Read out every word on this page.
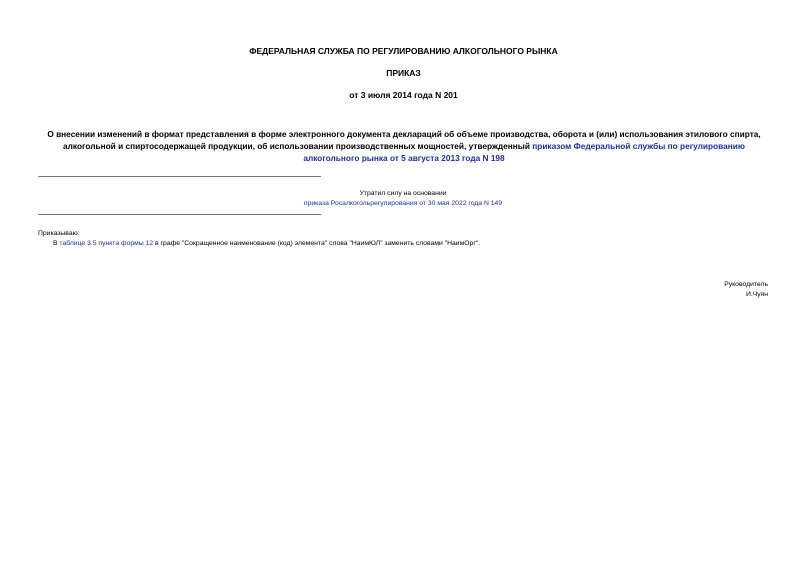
ФЕДЕРАЛЬНАЯ СЛУЖБА ПО РЕГУЛИРОВАНИЮ АЛКОГОЛЬНОГО РЫНКА
ПРИКАЗ
от 3 июля 2014 года N 201
О внесении изменений в формат представления в форме электронного документа деклараций об объеме производства, оборота и (или) использования этилового спирта, алкогольной и спиртосодержащей продукции, об использовании производственных мощностей, утвержденный приказом Федеральной службы по регулированию алкогольного рынка от 5 августа 2013 года N 198
Утратил силу на основании
приказа Росалкогольрегулирования от 30 мая 2022 года N 149
Приказываю:
В таблице 3.5 пункта формы 12 в графе "Сокращенное наименование (код) элемента" слова "НаимЮЛ" заменить словами "НаимОрг".
Руководитель
И.Чуян
